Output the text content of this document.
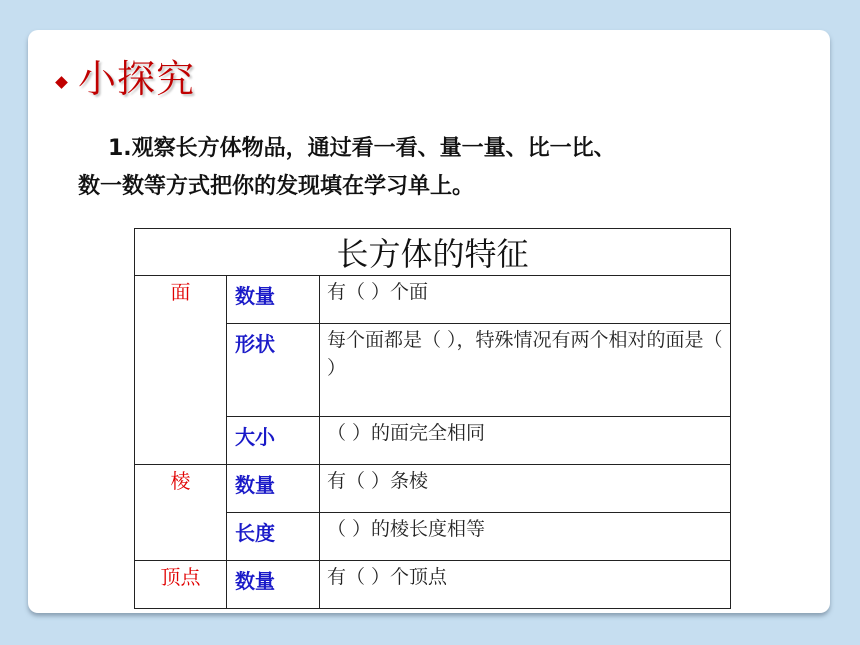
小探究
1.观察长方体物品，通过看一看、量一量、比一比、
数一数等方式把你的发现填在学习单上。
长方体的特征		
面	数量	有（ ）个面
	形状	每个面都是（ ），特殊情况有两个相对的面是（ ）
	大小	（ ）的面完全相同
棱	数量	有（ ）条棱
	长度	（ ）的棱长度相等
顶点	数量	有（ ）个顶点
